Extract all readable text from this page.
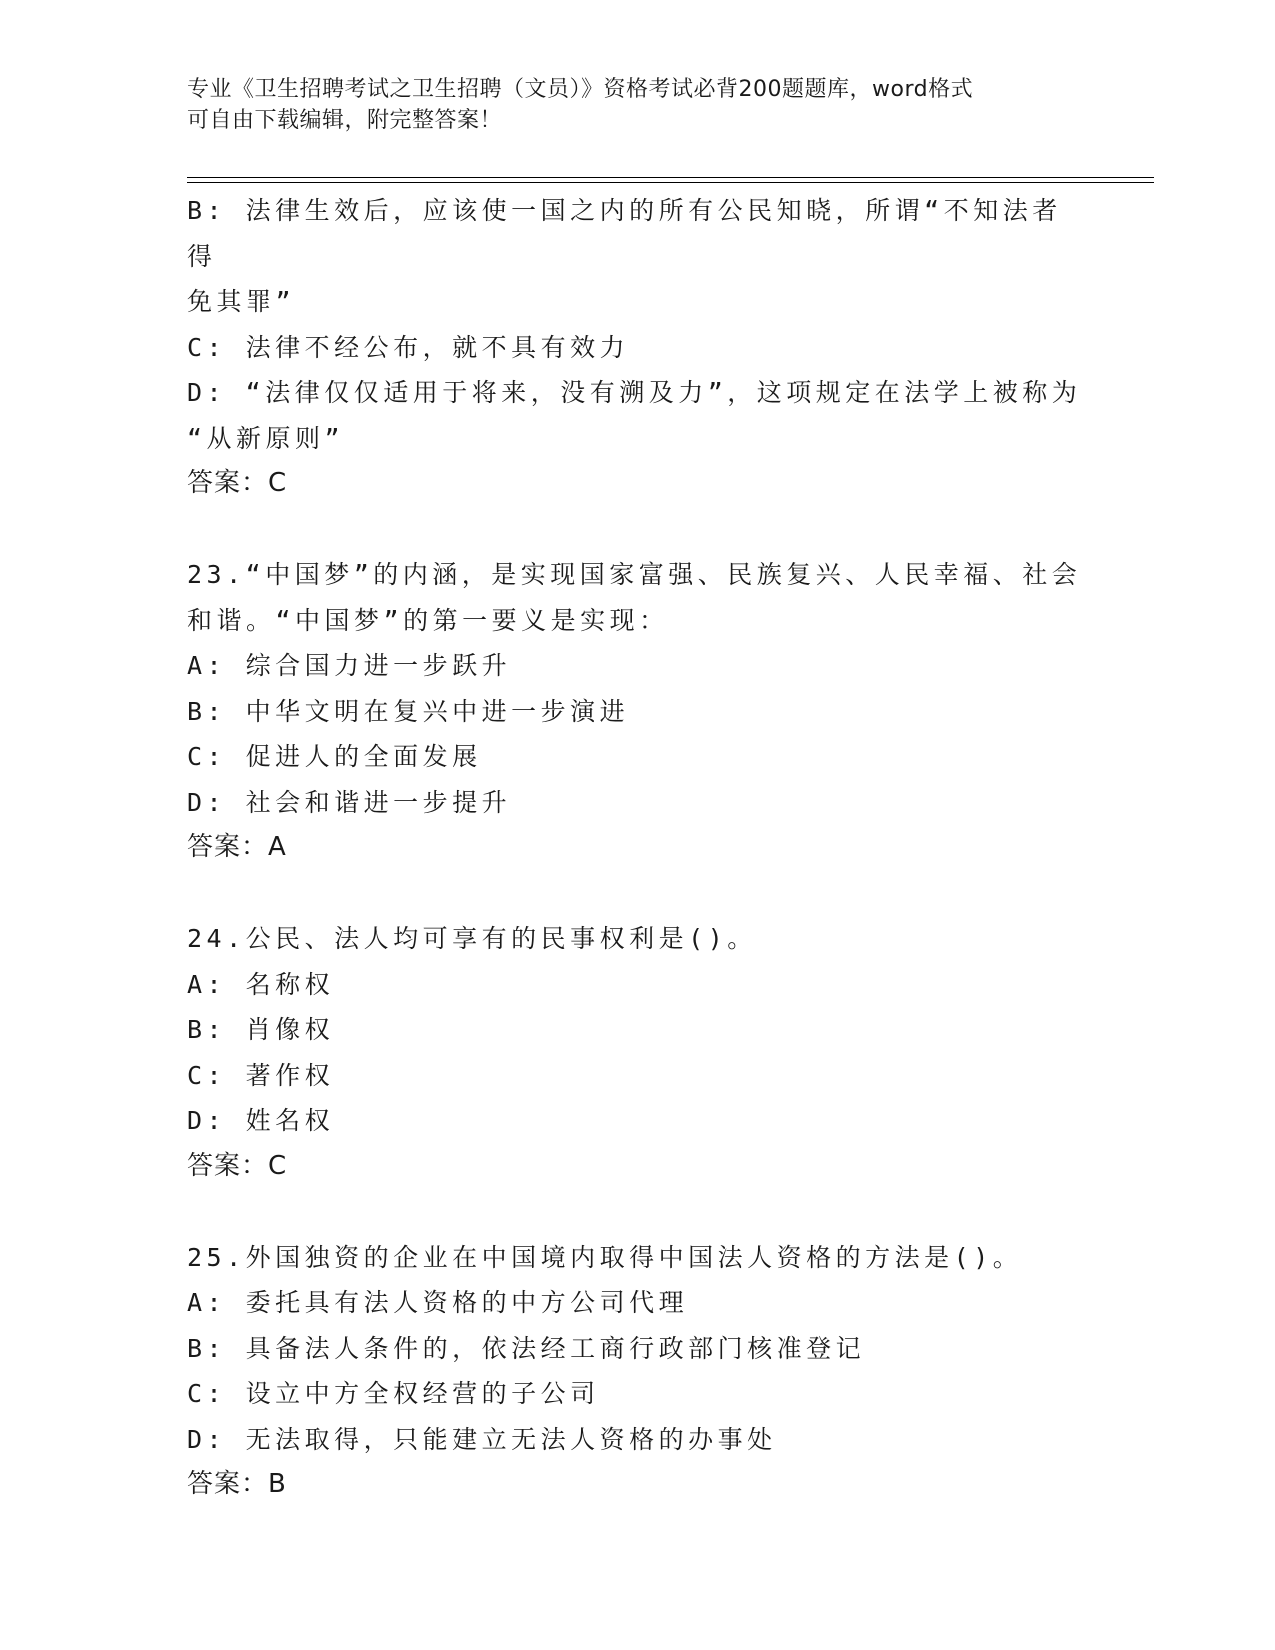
专业《卫生招聘考试之卫生招聘（文员）》资格考试必背200题题库，word格式
可自由下载编辑，附完整答案！
B: 法律生效后，应该使一国之内的所有公民知晓，所谓“不知法者得
免其罪”
C: 法律不经公布，就不具有效力
D: “法律仅仅适用于将来，没有溯及力”，这项规定在法学上被称为
“从新原则”
答案：C
23.“中国梦”的内涵，是实现国家富强、民族复兴、人民幸福、社会
和谐。“中国梦”的第一要义是实现：
A: 综合国力进一步跃升
B: 中华文明在复兴中进一步演进
C: 促进人的全面发展
D: 社会和谐进一步提升
答案：A
24.公民、法人均可享有的民事权利是()。
A: 名称权
B: 肖像权
C: 著作权
D: 姓名权
答案：C
25.外国独资的企业在中国境内取得中国法人资格的方法是()。
A: 委托具有法人资格的中方公司代理
B: 具备法人条件的，依法经工商行政部门核准登记
C: 设立中方全权经营的子公司
D: 无法取得，只能建立无法人资格的办事处
答案：B
